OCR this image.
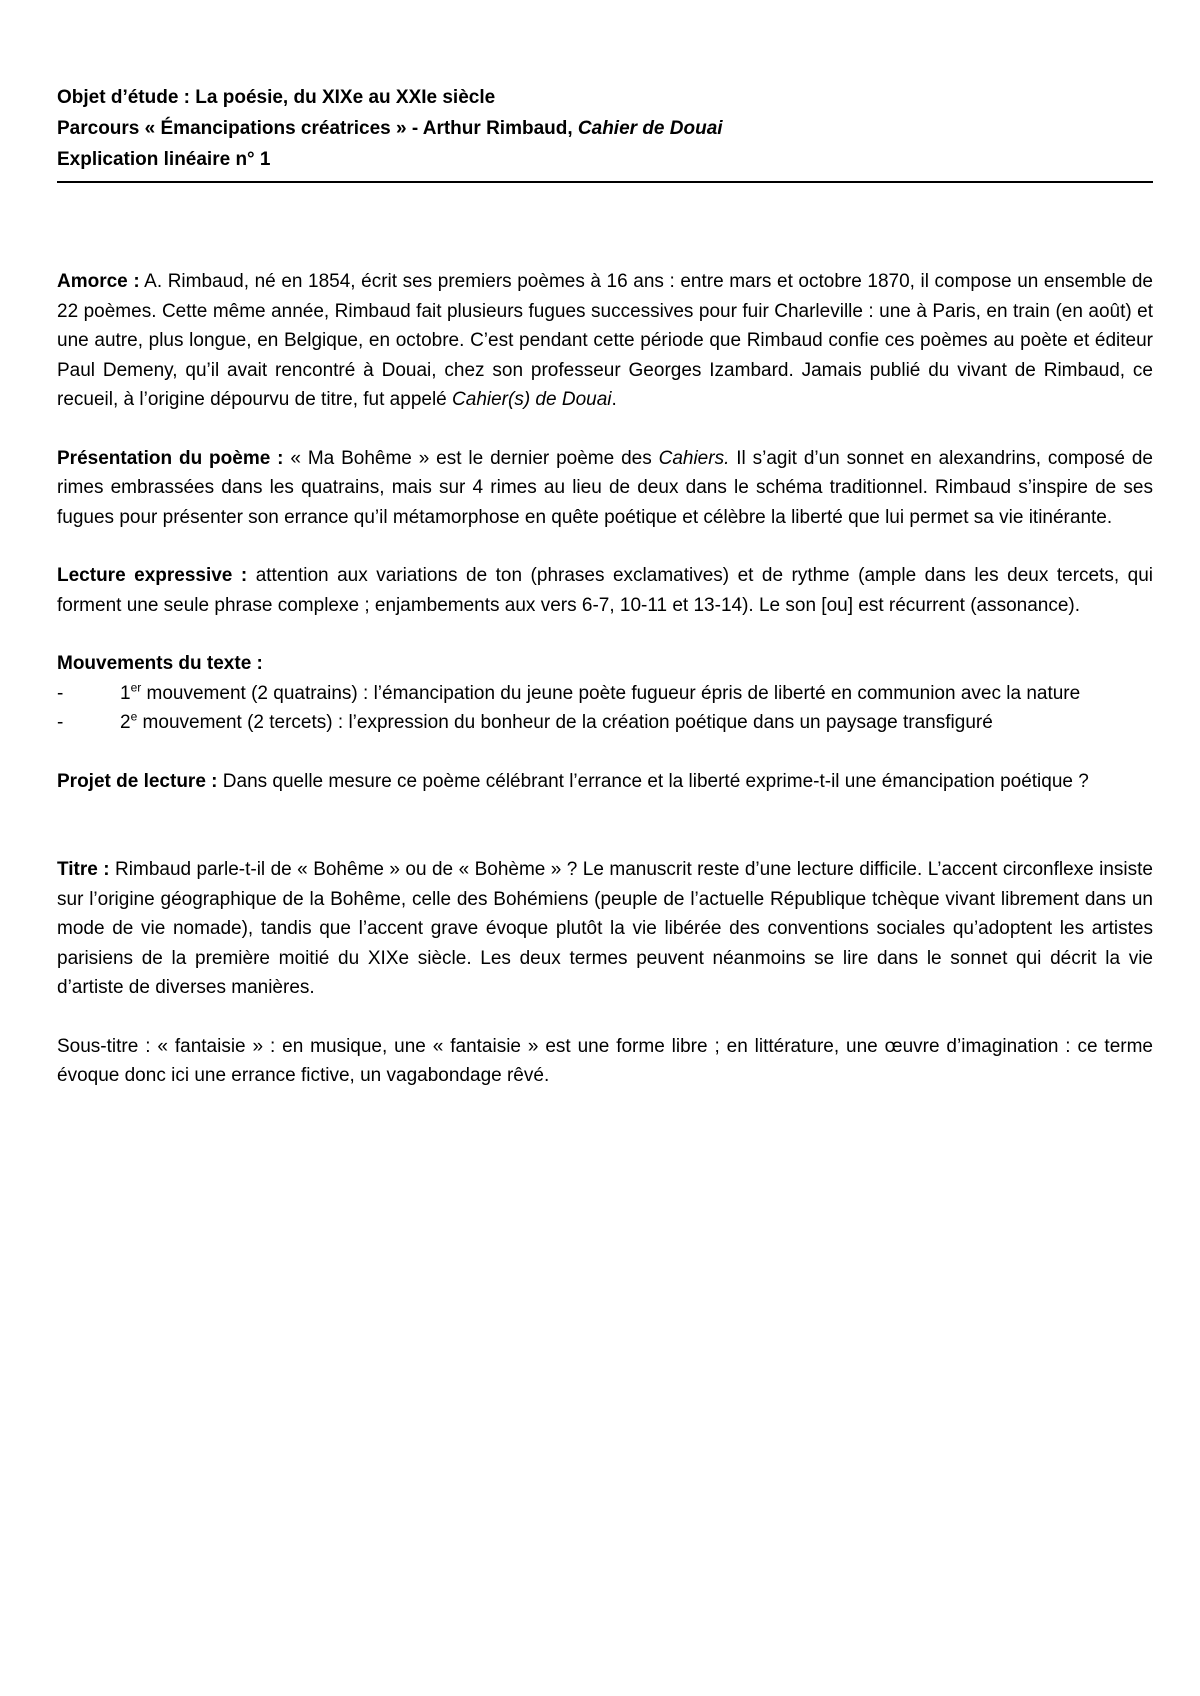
Objet d’étude : La poésie, du XIXe au XXIe siècle

Parcours « Émancipations créatrices » - Arthur Rimbaud, Cahier de Douai

Explication linéaire n° 1

Amorce : A. Rimbaud, né en 1854, écrit ses premiers poèmes à 16 ans : entre mars et octobre 1870, il compose un ensemble de 22 poèmes. Cette même année, Rimbaud fait plusieurs fugues successives pour fuir Charleville : une à Paris, en train (en août) et une autre, plus longue, en Belgique, en octobre. C’est pendant cette période que Rimbaud confie ces poèmes au poète et éditeur Paul Demeny, qu’il avait rencontré à Douai, chez son professeur Georges Izambard. Jamais publié du vivant de Rimbaud, ce recueil, à l’origine dépourvu de titre, fut appelé Cahier(s) de Douai.

Présentation du poème : « Ma Bohême » est le dernier poème des Cahiers. Il s’agit d’un sonnet en alexandrins, composé de rimes embrassées dans les quatrains, mais sur 4 rimes au lieu de deux dans le schéma traditionnel. Rimbaud s’inspire de ses fugues pour présenter son errance qu’il métamorphose en quête poétique et célèbre la liberté que lui permet sa vie itinérante.

Lecture expressive : attention aux variations de ton (phrases exclamatives) et de rythme (ample dans les deux tercets, qui forment une seule phrase complexe ; enjambements aux vers 6-7, 10-11 et 13-14). Le son [ou] est récurrent (assonance).

Mouvements du texte :

-	1er mouvement (2 quatrains) : l’émancipation du jeune poète fugueur épris de liberté en communion avec la nature
-	2e mouvement (2 tercets) : l’expression du bonheur de la création poétique dans un paysage transfiguré

Projet de lecture : Dans quelle mesure ce poème célébrant l’errance et la liberté exprime-t-il une émancipation poétique ?

Titre : Rimbaud parle-t-il de « Bohême » ou de « Bohème » ? Le manuscrit reste d’une lecture difficile. L’accent circonflexe insiste sur l’origine géographique de la Bohême, celle des Bohémiens (peuple de l’actuelle République tchèque vivant librement dans un mode de vie nomade), tandis que l’accent grave évoque plutôt la vie libérée des conventions sociales qu’adoptent les artistes parisiens de la première moitié du XIXe siècle. Les deux termes peuvent néanmoins se lire dans le sonnet qui décrit la vie d’artiste de diverses manières.

Sous-titre : « fantaisie » : en musique, une « fantaisie » est une forme libre ; en littérature, une œuvre d’imagination : ce terme évoque donc ici une errance fictive, un vagabondage rêvé.
